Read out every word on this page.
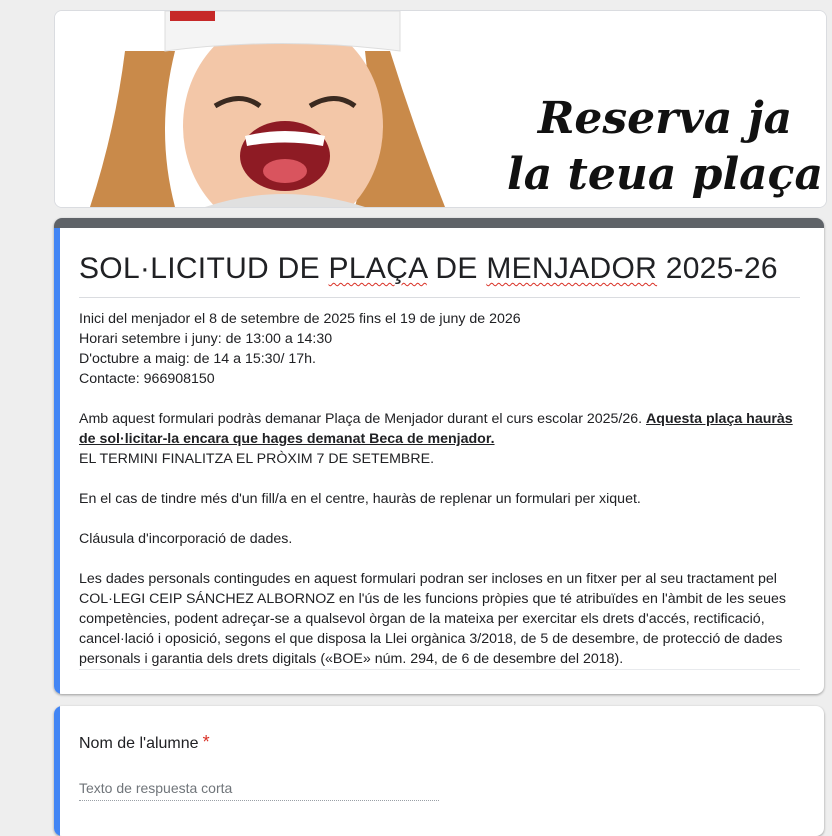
Reserva ja
la teua plaça
SOL·LICITUD DE PLAÇA DE MENJADOR 2025-26

Inici del menjador el 8 de setembre de 2025 fins el 19 de juny de 2026

Horari setembre i juny: de 13:00 a 14:30

D'octubre a maig: de 14 a 15:30/ 17h.

Contacte: 966908150

Amb aquest formulari podràs demanar Plaça de Menjador durant el curs escolar 2025/26. Aquesta plaça hauràs de sol·licitar-la encara que hages demanat Beca de menjador.
EL TERMINI FINALITZA EL PRÒXIM 7 DE SETEMBRE.

En el cas de tindre més d'un fill/a en el centre, hauràs de replenar un formulari per xiquet.

Cláusula d'incorporació de dades.

Les dades personals contingudes en aquest formulari podran ser incloses en un fitxer per al seu tractament pel COL·LEGI CEIP SÁNCHEZ ALBORNOZ en l'ús de les funcions pròpies que té atribuïdes en l'àmbit de les seues competències, podent adreçar-se a qualsevol òrgan de la mateixa per exercitar els drets d'accés, rectificació, cancel·lació i oposició, segons el que disposa la Llei orgànica 3/2018, de 5 de desembre, de protecció de dades personals i garantia dels drets digitals («BOE» núm. 294, de 6 de desembre del 2018).

Nom de l'alumne *
Texto de respuesta corta
